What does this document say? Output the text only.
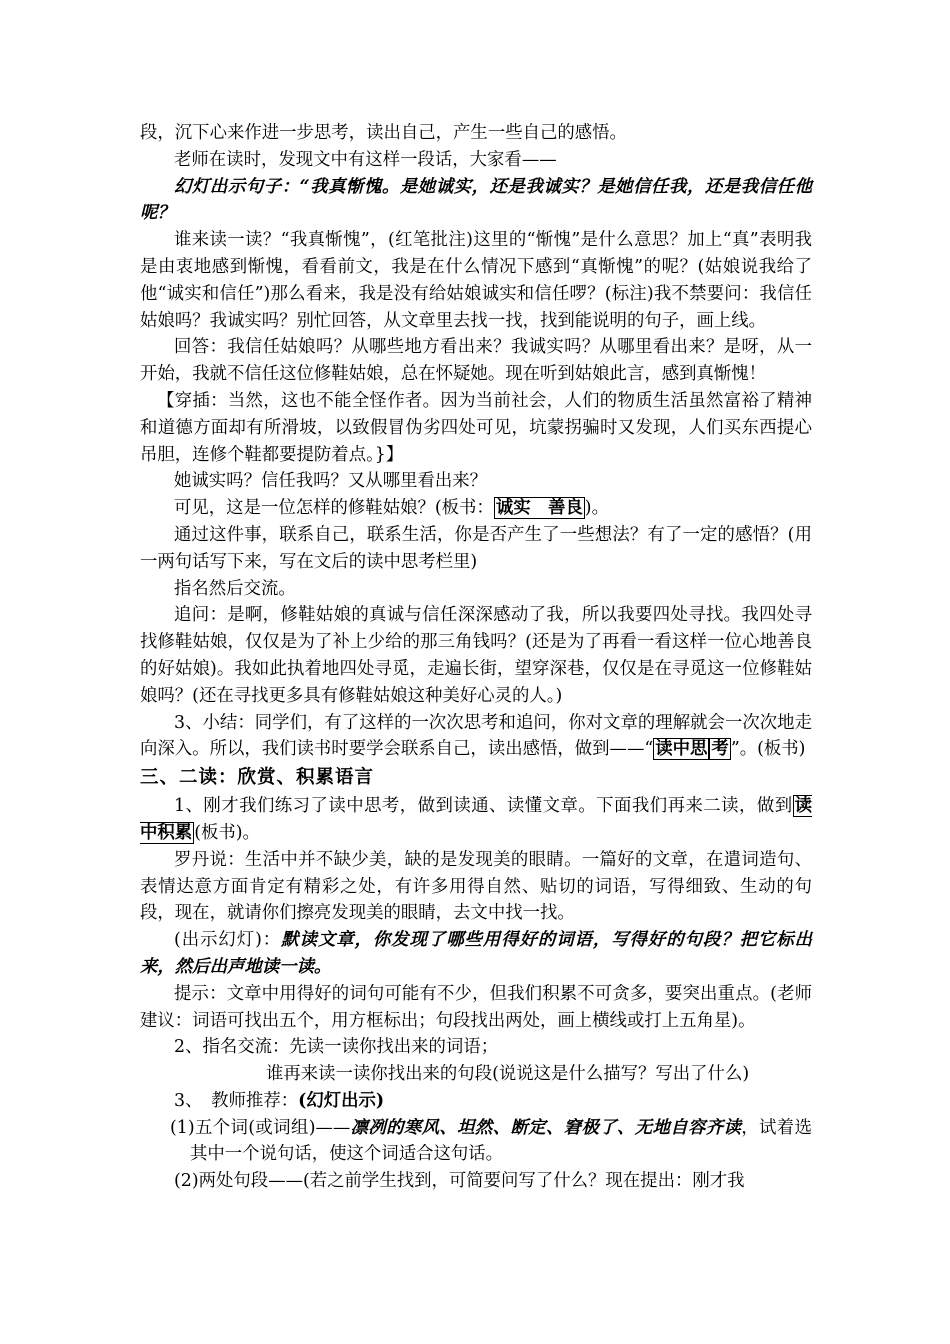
段，沉下心来作进一步思考，读出自己，产生一些自己的感悟。

老师在读时，发现文中有这样一段话，大家看——

幻灯出示句子：“我真惭愧。是她诚实，还是我诚实？是她信任我，还是我信任他呢？

谁来读一读？“我真惭愧”，(红笔批注)这里的“惭愧”是什么意思？加上“真”表明我是由衷地感到惭愧，看看前文，我是在什么情况下感到“真惭愧”的呢？(姑娘说我给了他“诚实和信任”)那么看来，我是没有给姑娘诚实和信任啰？(标注)我不禁要问：我信任姑娘吗？我诚实吗？别忙回答，从文章里去找一找，找到能说明的句子，画上线。

回答：我信任姑娘吗？从哪些地方看出来？我诚实吗？从哪里看出来？是呀，从一开始，我就不信任这位修鞋姑娘，总在怀疑她。现在听到姑娘此言，感到真惭愧！

【穿插：当然，这也不能全怪作者。因为当前社会，人们的物质生活虽然富裕了精神和道德方面却有所滑坡，以致假冒伪劣四处可见，坑蒙拐骗时又发现，人们买东西提心吊胆，连修个鞋都要提防着点。}】

她诚实吗？信任我吗？又从哪里看出来？

可见，这是一位怎样的修鞋姑娘？(板书： 诚实　善良 )。

通过这件事，联系自己，联系生活，你是否产生了一些想法？有了一定的感悟？(用一两句话写下来，写在文后的读中思考栏里)

指名然后交流。

追问：是啊，修鞋姑娘的真诚与信任深深感动了我，所以我要四处寻找。我四处寻找修鞋姑娘，仅仅是为了补上少给的那三角钱吗？(还是为了再看一看这样一位心地善良的好姑娘)。我如此执着地四处寻觅，走遍长街，望穿深巷，仅仅是在寻觅这一位修鞋姑娘吗？(还在寻找更多具有修鞋姑娘这种美好心灵的人。)

3、小结：同学们，有了这样的一次次思考和追问，你对文章的理解就会一次次地走向深入。所以，我们读书时要学会联系自己，读出感悟，做到——“ 读中思 考 ”。(板书)

三、二读：欣赏、积累语言

1、刚才我们练习了读中思考，做到读通、读懂文章。下面我们再来二读，做到 读中积累 (板书)。

罗丹说：生活中并不缺少美，缺的是发现美的眼睛。一篇好的文章，在遣词造句、表情达意方面肯定有精彩之处，有许多用得自然、贴切的词语，写得细致、生动的句段，现在，就请你们擦亮发现美的眼睛，去文中找一找。

(出示幻灯)：默读文章，你发现了哪些用得好的词语，写得好的句段？把它标出来，然后出声地读一读。

提示：文章中用得好的词句可能有不少，但我们积累不可贪多，要突出重点。(老师建议：词语可找出五个，用方框标出；句段找出两处，画上横线或打上五角星)。

2、指名交流：先读一读你找出来的词语；

谁再来读一读你找出来的句段(说说这是什么描写？写出了什么)

3、　教师推荐：(幻灯出示)

(1)五个词(或词组)——凛冽的寒风、坦然、断定、窘极了、无地自容齐读，试着选其中一个说句话，使这个词适合这句话。

(2)两处句段——(若之前学生找到，可简要问写了什么？现在提出：刚才我
